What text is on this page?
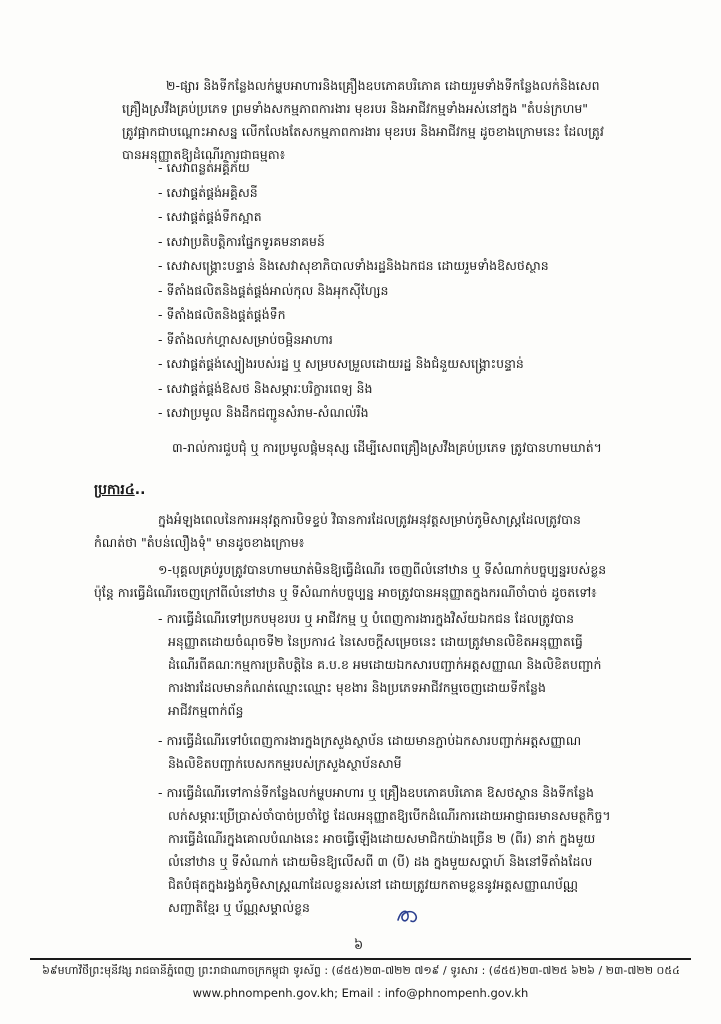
២-ផ្សារ និងទីកន្លែងលក់ម្ហូបអាហារនិងគ្រឿងឧបភោគបរិភោគ ដោយរួមទាំងទីកន្លែងលក់និងសេព
គ្រឿងស្រវឹងគ្រប់ប្រភេទ ព្រមទាំងសកម្មភាពការងារ មុខរបរ និងអាជីវកម្មទាំងអស់នៅក្នុង "តំបន់ក្រហម"
ត្រូវផ្អាកជាបណ្ដោះអាសន្ន លើកលែងតែសកម្មភាពការងារ មុខរបរ និងអាជីវកម្ម ដូចខាងក្រោមនេះ ដែលត្រូវ
បានអនុញ្ញាតឱ្យដំណើរការជាធម្មតា៖
- សេវាពន្លត់អគ្គិភ័យ
- សេវាផ្គត់ផ្គង់អគ្គិសនី
- សេវាផ្គត់ផ្គង់ទឹកស្អាត
- សេវាប្រតិបត្តិការផ្នែកទូរគមនាគមន៍
- សេវាសង្គ្រោះបន្ទាន់ និងសេវាសុខាភិបាលទាំងរដ្ឋនិងឯកជន ដោយរួមទាំងឱសថស្ថាន
- ទីតាំងផលិតនិងផ្គត់ផ្គង់អាល់កុល និងអុកស៊ីហ្សែន
- ទីតាំងផលិតនិងផ្គត់ផ្គង់ទឹក
- ទីតាំងលក់ហ្គាសសម្រាប់ចម្អិនអាហារ
- សេវាផ្គត់ផ្គង់ស្បៀងរបស់រដ្ឋ ឬ សម្របសម្រួលដោយរដ្ឋ និងជំនួយសង្គ្រោះបន្ទាន់
- សេវាផ្គត់ផ្គង់ឱសថ និងសម្ភារៈបរិក្ខារពេទ្យ និង
- សេវាប្រមូល និងដឹកជញ្ជូនសំរាម-សំណល់រឹង
៣-រាល់ការជួបជុំ ឬ ការប្រមូលផ្ដុំមនុស្ស ដើម្បីសេពគ្រឿងស្រវឹងគ្រប់ប្រភេទ ត្រូវបានហាមឃាត់។
ប្រការ៤..
ក្នុងអំឡុងពេលនៃការអនុវត្តការបិទខ្ទប់ វិធានការដែលត្រូវអនុវត្តសម្រាប់ភូមិសាស្ត្រដែលត្រូវបាន
កំណត់ថា "តំបន់លឿងទុំ" មានដូចខាងក្រោម៖
១-បុគ្គលគ្រប់រូបត្រូវបានហាមឃាត់មិនឱ្យធ្វើដំណើរ ចេញពីលំនៅឋាន ឬ ទីសំណាក់បច្ចុប្បន្នរបស់ខ្លួន
ប៉ុន្តែ ការធ្វើដំណើរចេញក្រៅពីលំនៅឋាន ឬ ទីសំណាក់បច្ចុប្បន្ន អាចត្រូវបានអនុញ្ញាតក្នុងករណីចាំបាច់ ដូចតទៅ៖
- ការធ្វើដំណើរទៅប្រកបមុខរបរ ឬ អាជីវកម្ម ឬ បំពេញការងារក្នុងវិស័យឯកជន ដែលត្រូវបាន
អនុញ្ញាតដោយចំណុចទី២ នៃប្រការ៤ នៃសេចក្ដីសម្រេចនេះ ដោយត្រូវមានលិខិតអនុញ្ញាតធ្វើ
ដំណើរពីគណៈកម្មការប្រតិបត្តិនៃ គ.ប.ខ អមដោយឯកសារបញ្ជាក់អត្តសញ្ញាណ និងលិខិតបញ្ជាក់
ការងារដែលមានកំណត់ឈ្មោះឈ្មោះ មុខងារ និងប្រភេទអាជីវកម្មចេញដោយទីកន្លែង
អាជីវកម្មពាក់ព័ន្ធ
- ការធ្វើដំណើរទៅបំពេញការងារក្នុងក្រសួងស្ថាប័ន ដោយមានភ្ជាប់ឯកសារបញ្ជាក់អត្តសញ្ញាណ
និងលិខិតបញ្ជាក់បេសកកម្មរបស់ក្រសួងស្ថាប័នសាមី
- ការធ្វើដំណើរទៅកាន់ទីកន្លែងលក់ម្ហូបអាហារ ឬ គ្រឿងឧបភោគបរិភោគ ឱសថស្ថាន និងទីកន្លែង
លក់សម្ភារៈប្រើប្រាស់ចាំបាច់ប្រចាំថ្ងៃ ដែលអនុញ្ញាតឱ្យបើកដំណើរការដោយអាជ្ញាធរមានសមត្ថកិច្ច។
ការធ្វើដំណើរក្នុងគោលបំណងនេះ អាចធ្វើឡើងដោយសមាជិកយ៉ាងច្រើន ២ (ពីរ) នាក់ ក្នុងមួយ
លំនៅឋាន ឬ ទីសំណាក់ ដោយមិនឱ្យលើសពី ៣ (បី) ដង ក្នុងមួយសប្ដាហ៍ និងនៅទីតាំងដែល
ជិតបំផុតក្នុងរង្វង់ភូមិសាស្ត្រណាដែលខ្លួនរស់នៅ ដោយត្រូវយកតាមខ្លួននូវអត្តសញ្ញាណប័ណ្ណ
សញ្ជាតិខ្មែរ ឬ ប័ណ្ណសម្គាល់ខ្លួន
៦
៦៩មហាវិថីព្រះមុនីវង្ស រាជធានីភ្នំពេញ ព្រះរាជាណាចក្រកម្ពុជា ទូរស័ព្ទ : (៨៥៥)២៣-៧២២ ៧១៩ / ទូរសារ : (៨៥៥)២៣-៧២៥ ៦២៦ / ២៣-៧២២ ០៥៤
www.phnompenh.gov.kh; Email : info@phnompenh.gov.kh
